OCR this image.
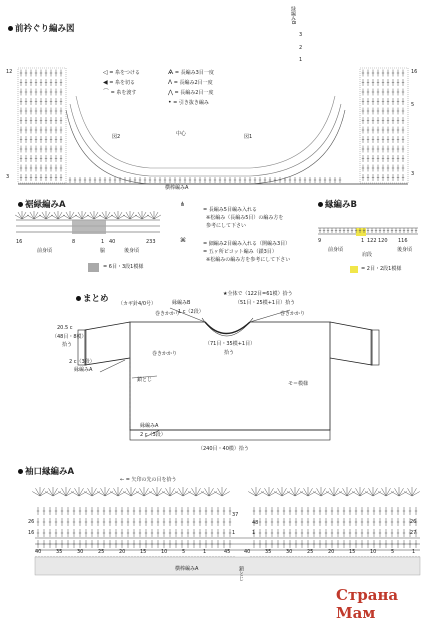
前衿ぐり編み図
◁ = 糸をつける	Ѧ = 長編み3目一度
◀ = 糸を切る	Λ = 長編み2目一度
⌒ = 糸を渡す	⋀ = 長編み2目一度
• = 引き抜き編み
12
3
16
5
3
緑編みB
3
2
1
図2	図1
中心
横棒編みA
裾緑編みA
16	8	1 40	233
前身頃	脇	後身頃
= 6目・3段1模様
= 長編み5目編み入れる
※松編み（長編み5目）の編み方を
参考にして下さい
= 細編み2目編み入れる（開編み3目）
= 五ヶ所ピコット編み（鎖3目）
※松編みの編み方を参考にして下さい
⋔
⌘
縁編みB
9	1 122 120 116
前身頃
肩段
後身頃
= 2目・2段1模様
まとめ （カギ針4/0号）
★全体で（122目=61模）拾う
縁編みB
1 c（2段）
（51目・25模+1目）拾う
巻きかかり	巻きかかり
（71目・35模+1目）
拾う
20.5 c
（48目・8模）
拾う
2 c（3段）
縁編みA
巻きかかり
鎖とじ
モ＝模様
縁編みA
2 c（3段）
（240目・40模）拾う
袖口縁編みA
← = 矢印の先の目を拾う
26
16
37
48
1
1
26
27
40	35	30	25	20	15	10	5	1	45	40	35	30	25	20	15	10	5	1
横棒編みA	鎖とじ
Страна Мам
